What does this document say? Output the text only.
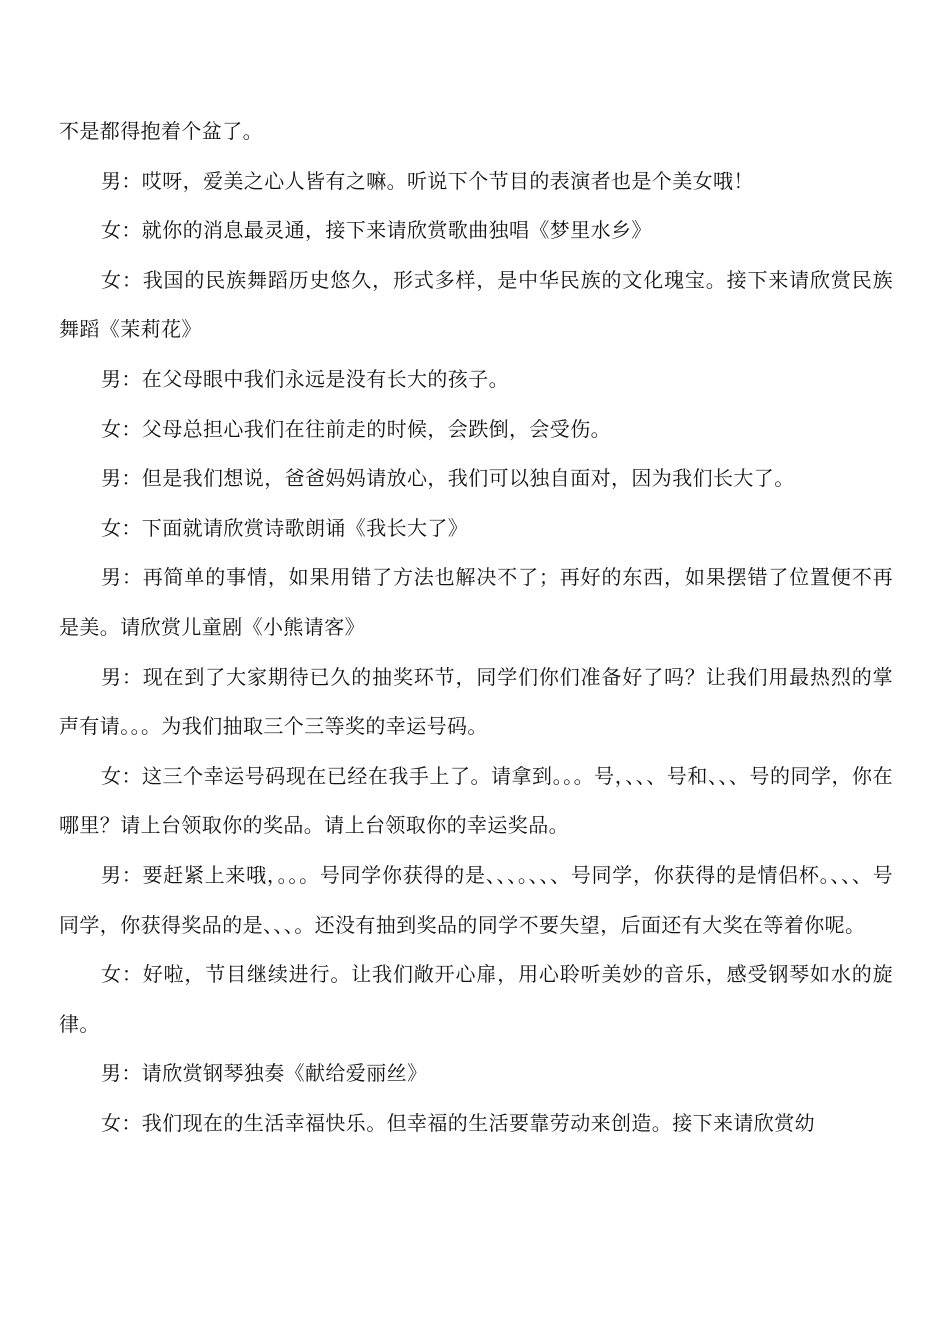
不是都得抱着个盆了。

男：哎呀，爱美之心人皆有之嘛。听说下个节目的表演者也是个美女哦！

女：就你的消息最灵通，接下来请欣赏歌曲独唱《梦里水乡》

女：我国的民族舞蹈历史悠久，形式多样，是中华民族的文化瑰宝。接下来请欣赏民族舞蹈《茉莉花》

男：在父母眼中我们永远是没有长大的孩子。

女：父母总担心我们在往前走的时候，会跌倒，会受伤。

男：但是我们想说，爸爸妈妈请放心，我们可以独自面对，因为我们长大了。

女：下面就请欣赏诗歌朗诵《我长大了》

男：再简单的事情，如果用错了方法也解决不了；再好的东西，如果摆错了位置便不再是美。请欣赏儿童剧《小熊请客》

男：现在到了大家期待已久的抽奖环节，同学们你们准备好了吗？让我们用最热烈的掌声有请。。。为我们抽取三个三等奖的幸运号码。

女：这三个幸运号码现在已经在我手上了。请拿到。。。号，、、、号和、、、号的同学，你在哪里？请上台领取你的奖品。请上台领取你的幸运奖品。

男：要赶紧上来哦，。。。号同学你获得的是、、、。、、、号同学，你获得的是情侣杯。、、、号同学，你获得奖品的是、、、。还没有抽到奖品的同学不要失望，后面还有大奖在等着你呢。

女：好啦，节目继续进行。让我们敞开心扉，用心聆听美妙的音乐，感受钢琴如水的旋律。

男：请欣赏钢琴独奏《献给爱丽丝》

女：我们现在的生活幸福快乐。但幸福的生活要靠劳动来创造。接下来请欣赏幼
